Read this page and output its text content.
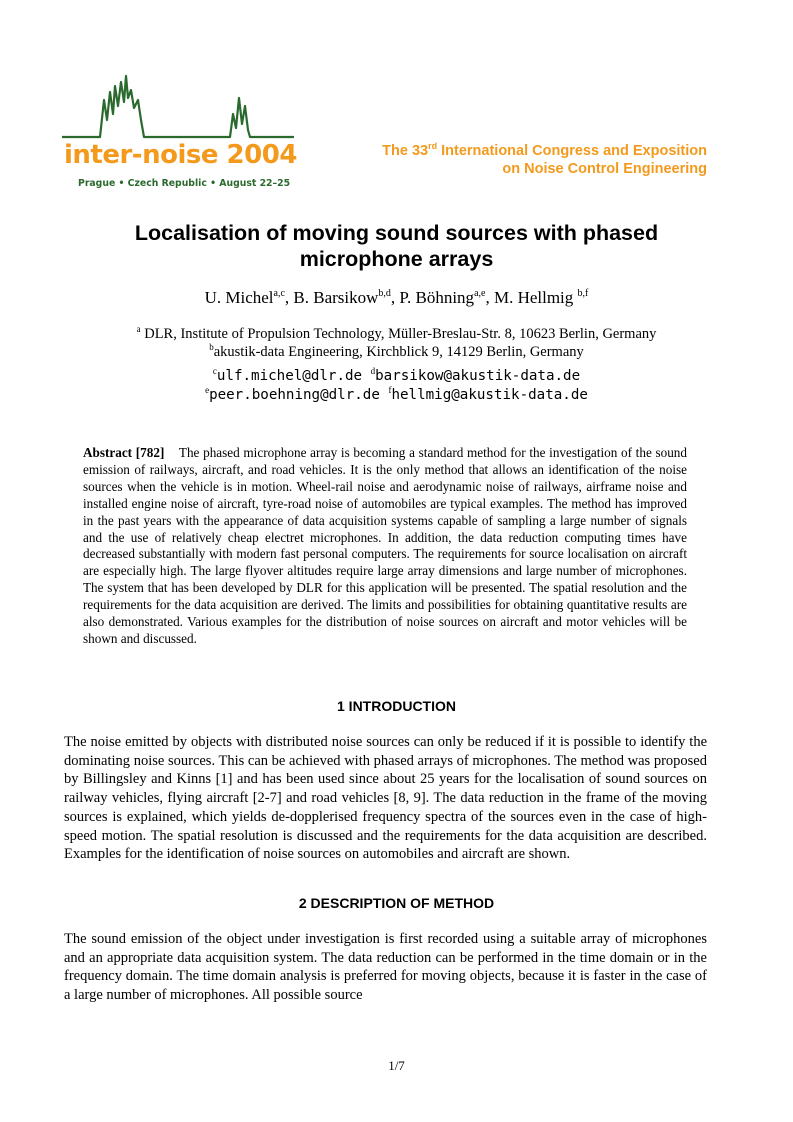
inter-noise 2004
Prague • Czech Republic • August 22–25
The 33rd International Congress and Exposition
on Noise Control Engineering
Localisation of moving sound sources with phased
microphone arrays
U. Michel$^{a,c}$, B. Barsikow$^{b,d}$, P. Böhning$^{a,e}$, M. Hellmig $^{b,f}$
$^a$ DLR, Institute of Propulsion Technology, Müller-Breslau-Str. 8, 10623 Berlin, Germany
$^b$akustik-data Engineering, Kirchblick 9, 14129 Berlin, Germany
$^c$ulf.michel@dlr.de $^d$barsikow@akustik-data.de
$^e$peer.boehning@dlr.de $^f$hellmig@akustik-data.de
Abstract [782] The phased microphone array is becoming a standard method for the investigation of the sound emission of railways, aircraft, and road vehicles. It is the only method that allows an identification of the noise sources when the vehicle is in motion. Wheel-rail noise and aerodynamic noise of railways, airframe noise and installed engine noise of aircraft, tyre-road noise of automobiles are typical examples. The method has improved in the past years with the appearance of data acquisition systems capable of sampling a large number of signals and the use of relatively cheap electret microphones. In addition, the data reduction computing times have decreased substantially with modern fast personal computers. The requirements for source localisation on aircraft are especially high. The large flyover altitudes require large array dimensions and large number of microphones. The system that has been developed by DLR for this application will be presented. The spatial resolution and the requirements for the data acquisition are derived. The limits and possibilities for obtaining quantitative results are also demonstrated. Various examples for the distribution of noise sources on aircraft and motor vehicles will be shown and discussed.
1 INTRODUCTION
The noise emitted by objects with distributed noise sources can only be reduced if it is possible to identify the dominating noise sources. This can be achieved with phased arrays of microphones. The method was proposed by Billingsley and Kinns [1] and has been used since about 25 years for the localisation of sound sources on railway vehicles, flying aircraft [2-7] and road vehicles [8, 9]. The data reduction in the frame of the moving sources is explained, which yields de-dopplerised frequency spectra of the sources even in the case of high-speed motion. The spatial resolution is discussed and the requirements for the data acquisition are described. Examples for the identification of noise sources on automobiles and aircraft are shown.
2 DESCRIPTION OF METHOD
The sound emission of the object under investigation is first recorded using a suitable array of microphones and an appropriate data acquisition system. The data reduction can be performed in the time domain or in the frequency domain. The time domain analysis is preferred for moving objects, because it is faster in the case of a large number of microphones. All possible source
1/7
